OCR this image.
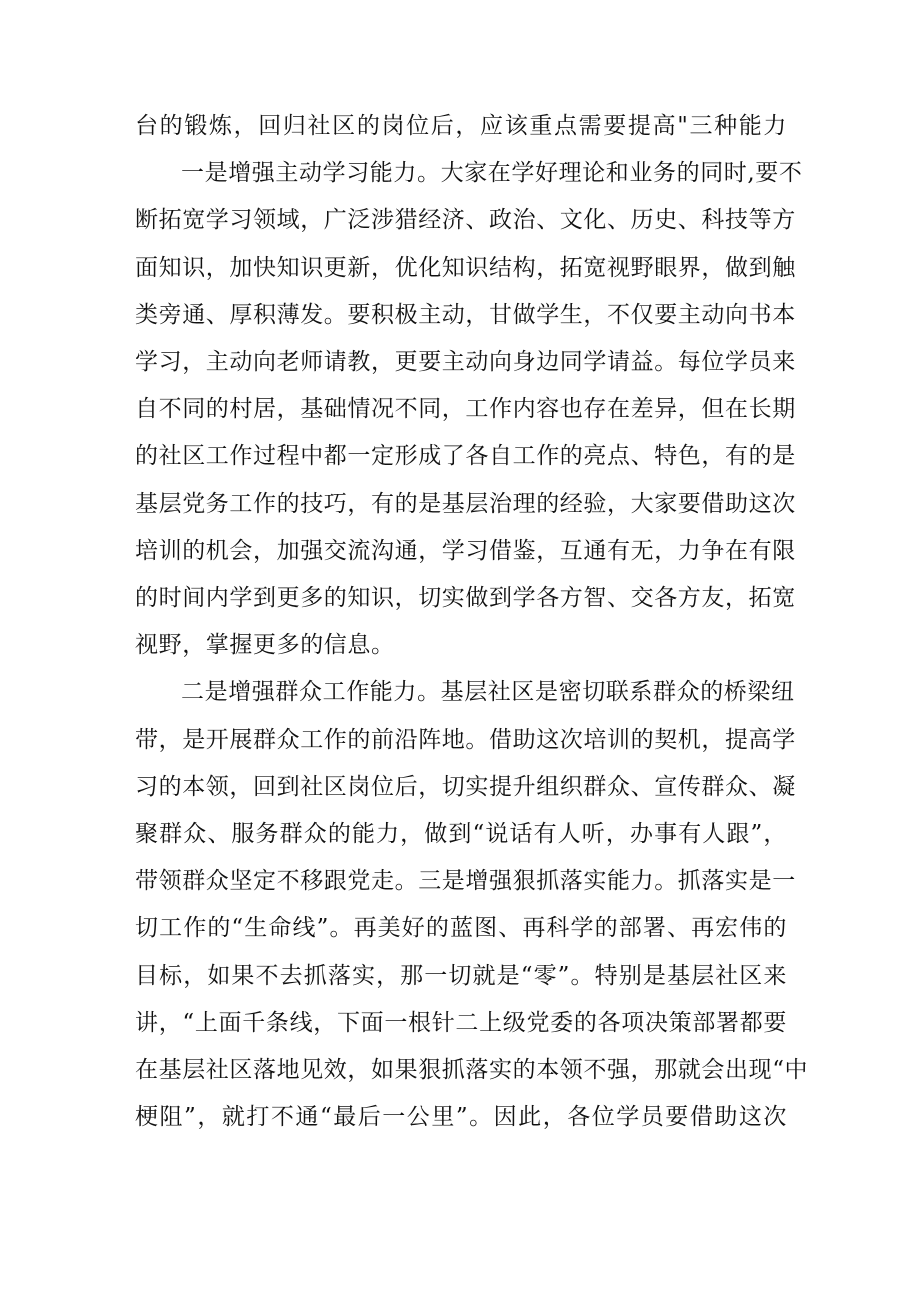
台的锻炼，回归社区的岗位后，应该重点需要提高"三种能力

一是增强主动学习能力。大家在学好理论和业务的同时,要不
断拓宽学习领域，广泛涉猎经济、政治、文化、历史、科技等方
面知识，加快知识更新，优化知识结构，拓宽视野眼界，做到触
类旁通、厚积薄发。要积极主动，甘做学生，不仅要主动向书本
学习，主动向老师请教，更要主动向身边同学请益。每位学员来
自不同的村居，基础情况不同，工作内容也存在差异，但在长期
的社区工作过程中都一定形成了各自工作的亮点、特色，有的是
基层党务工作的技巧，有的是基层治理的经验，大家要借助这次
培训的机会，加强交流沟通，学习借鉴，互通有无，力争在有限
的时间内学到更多的知识，切实做到学各方智、交各方友，拓宽
视野，掌握更多的信息。

二是增强群众工作能力。基层社区是密切联系群众的桥梁纽
带，是开展群众工作的前沿阵地。借助这次培训的契机，提高学
习的本领，回到社区岗位后，切实提升组织群众、宣传群众、凝
聚群众、服务群众的能力，做到“说话有人听，办事有人跟”，
带领群众坚定不移跟党走。三是增强狠抓落实能力。抓落实是一
切工作的“生命线”。再美好的蓝图、再科学的部署、再宏伟的
目标，如果不去抓落实，那一切就是“零”。特别是基层社区来
讲，“上面千条线，下面一根针二上级党委的各项决策部署都要
在基层社区落地见效，如果狠抓落实的本领不强，那就会出现“中
梗阻”，就打不通“最后一公里”。因此，各位学员要借助这次
